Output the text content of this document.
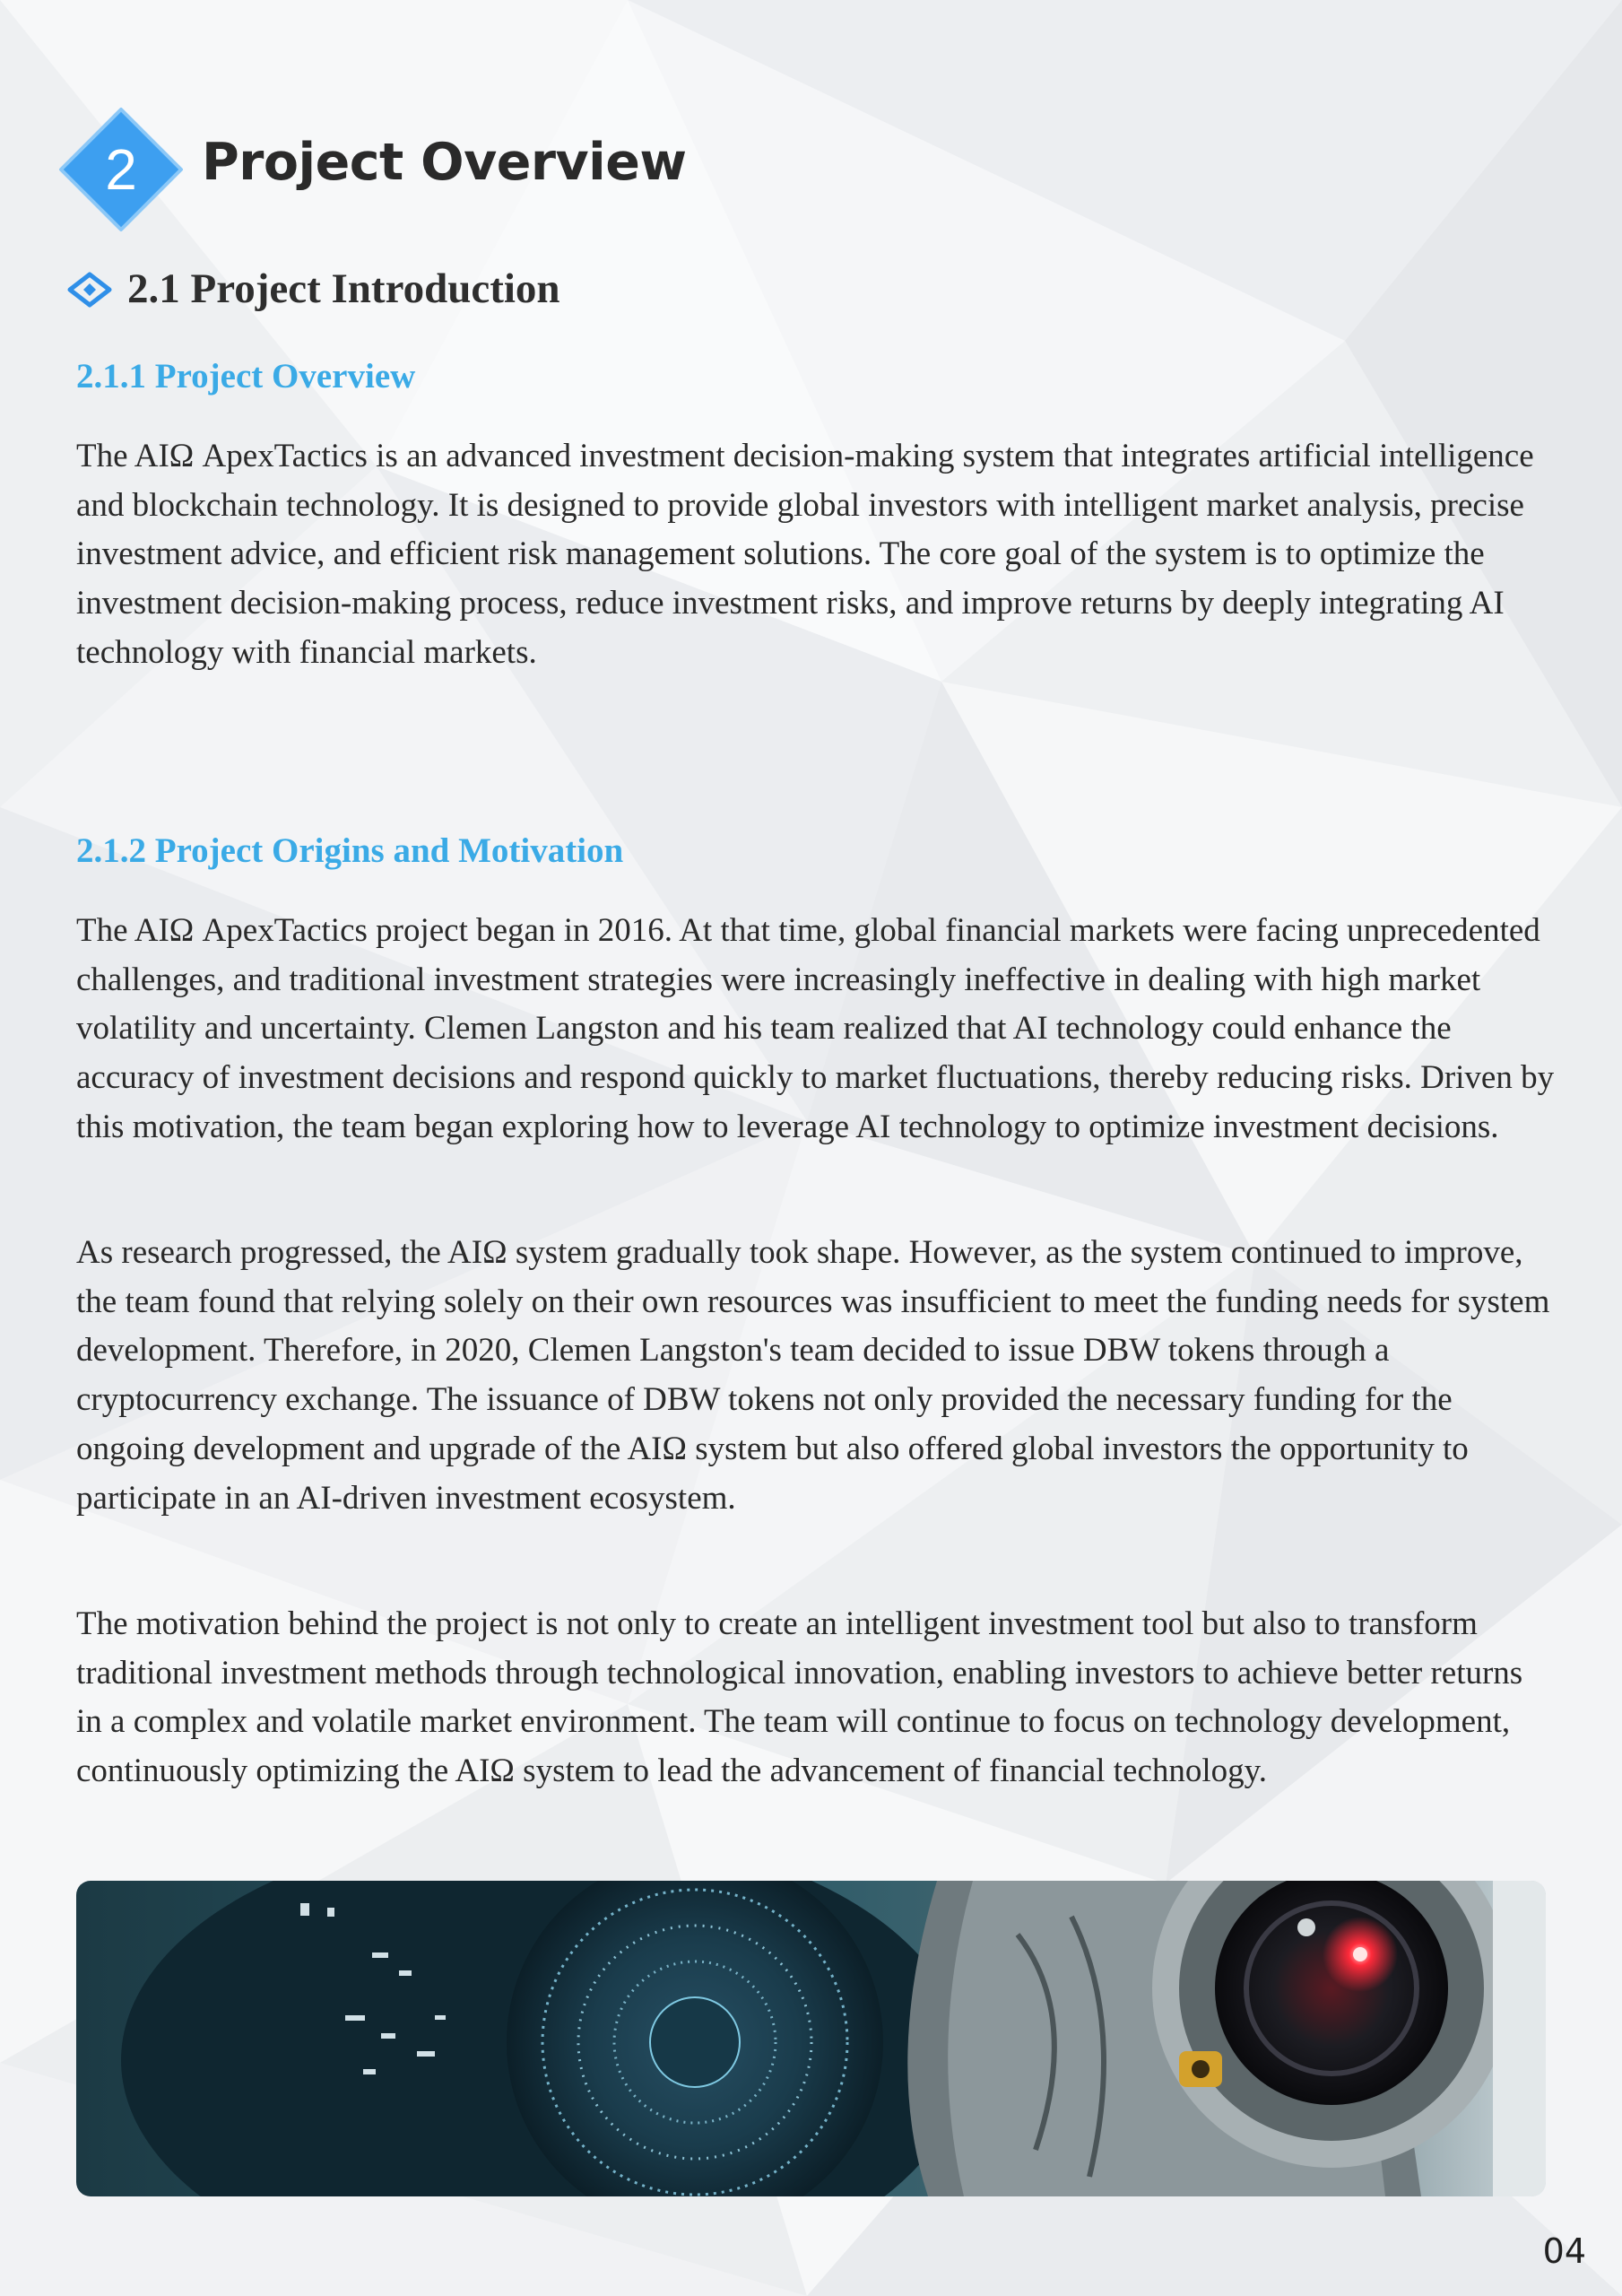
2	Project Overview
2.1 Project Introduction
2.1.1 Project Overview

The AIΩ ApexTactics is an advanced investment decision-making system that integrates artificial intelligence and blockchain technology. It is designed to provide global investors with intelligent market analysis, precise investment advice, and efficient risk management solutions. The core goal of the system is to optimize the investment decision-making process, reduce investment risks, and improve returns by deeply integrating AI technology with financial markets.

2.1.2 Project Origins and Motivation

The AIΩ ApexTactics project began in 2016. At that time, global financial markets were facing unprecedented challenges, and traditional investment strategies were increasingly ineffective in dealing with high market volatility and uncertainty. Clemen Langston and his team realized that AI technology could enhance the accuracy of investment decisions and respond quickly to market fluctuations, thereby reducing risks. Driven by this motivation, the team began exploring how to leverage AI technology to optimize investment decisions.

As research progressed, the AIΩ system gradually took shape. However, as the system continued to improve, the team found that relying solely on their own resources was insufficient to meet the funding needs for system development. Therefore, in 2020, Clemen Langston's team decided to issue DBW tokens through a cryptocurrency exchange. The issuance of DBW tokens not only provided the necessary funding for the ongoing development and upgrade of the AIΩ system but also offered global investors the opportunity to participate in an AI-driven investment ecosystem.

The motivation behind the project is not only to create an intelligent investment tool but also to transform traditional investment methods through technological innovation, enabling investors to achieve better returns in a complex and volatile market environment. The team will continue to focus on technology development, continuously optimizing the AIΩ system to lead the advancement of financial technology.

04
